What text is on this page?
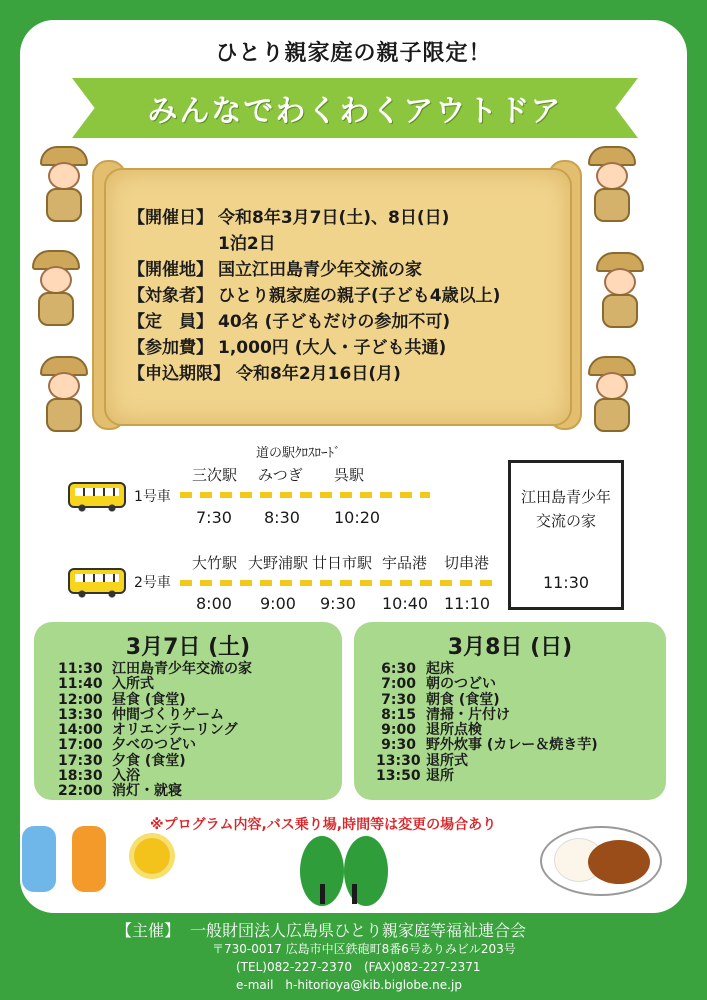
ひとり親家庭の親子限定！
みんなでわくわくアウトドア
【開催日】 令和8年3月7日(土)、8日(日)
1泊2日
【開催地】 国立江田島青少年交流の家
【対象者】 ひとり親家庭の親子(子ども4歳以上)
【定　員】 40名 (子どもだけの参加不可)
【参加費】 1,000円 (大人・子ども共通)
【申込期限】 令和8年2月16日(月)
1号車
三次駅
道の駅ｸﾛｽﾛｰﾄﾞ
みつぎ 呉駅
7:30 8:30 10:20
2号車
大竹駅 大野浦駅 廿日市駅 宇品港 切串港
8:00 9:00 9:30 10:40 11:10
江田島青少年
交流の家
11:30
3月7日 (土)
11:30 江田島青少年交流の家
11:40 入所式
12:00 昼食 (食堂)
13:30 仲間づくりゲーム
14:00 オリエンテーリング
17:00 夕べのつどい
17:30 夕食 (食堂)
18:30 入浴
22:00 消灯・就寝
3月8日 (日)
6:30 起床
7:00 朝のつどい
7:30 朝食 (食堂)
8:15 清掃・片付け
9:00 退所点検
9:30 野外炊事 (カレー＆焼き芋)
13:30 退所式
13:50 退所
※プログラム内容,バス乗り場,時間等は変更の場合あり
【主催】 一般財団法人広島県ひとり親家庭等福祉連合会
〒730-0017 広島市中区鉄砲町8番6号ありみビル203号
(TEL)082-227-2370　(FAX)082-227-2371
e-mail　h-hitorioya@kib.biglobe.ne.jp
